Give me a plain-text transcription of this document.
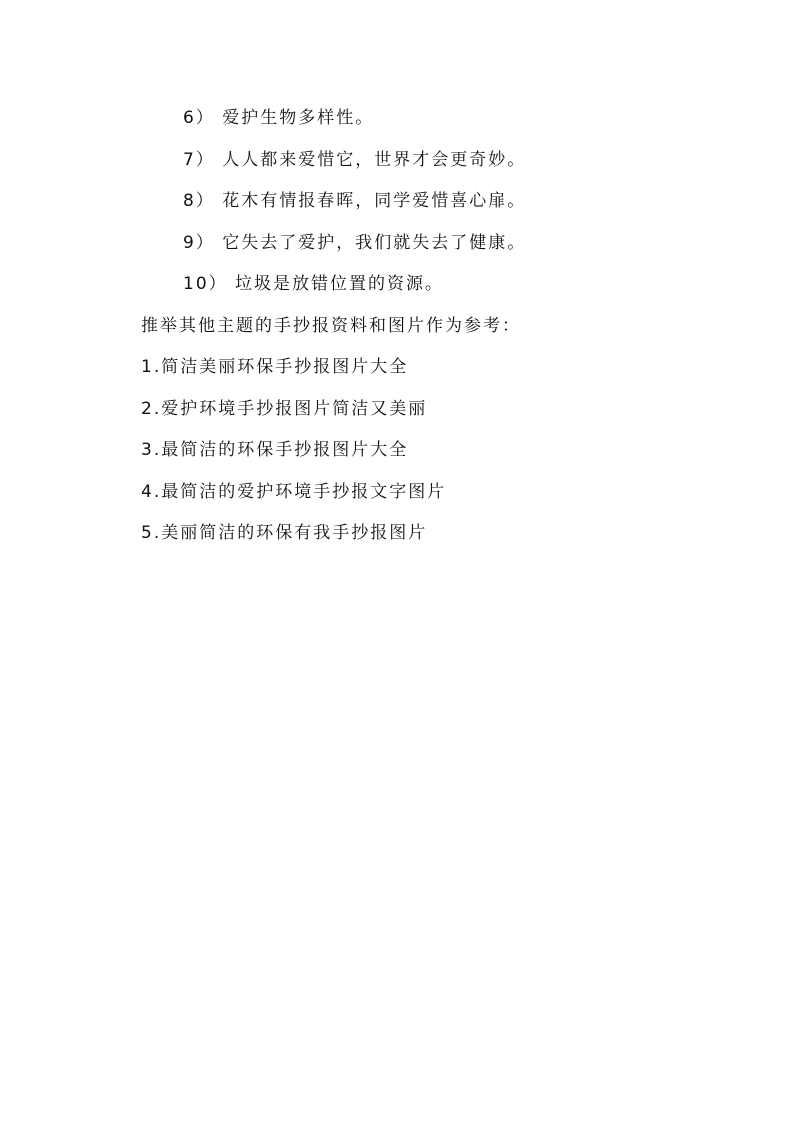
6） 爱护生物多样性。
7） 人人都来爱惜它，世界才会更奇妙。
8） 花木有情报春晖，同学爱惜喜心扉。
9） 它失去了爱护，我们就失去了健康。
10） 垃圾是放错位置的资源。
推举其他主题的手抄报资料和图片作为参考：
1.简洁美丽环保手抄报图片大全
2.爱护环境手抄报图片简洁又美丽
3.最简洁的环保手抄报图片大全
4.最简洁的爱护环境手抄报文字图片
5.美丽简洁的环保有我手抄报图片
